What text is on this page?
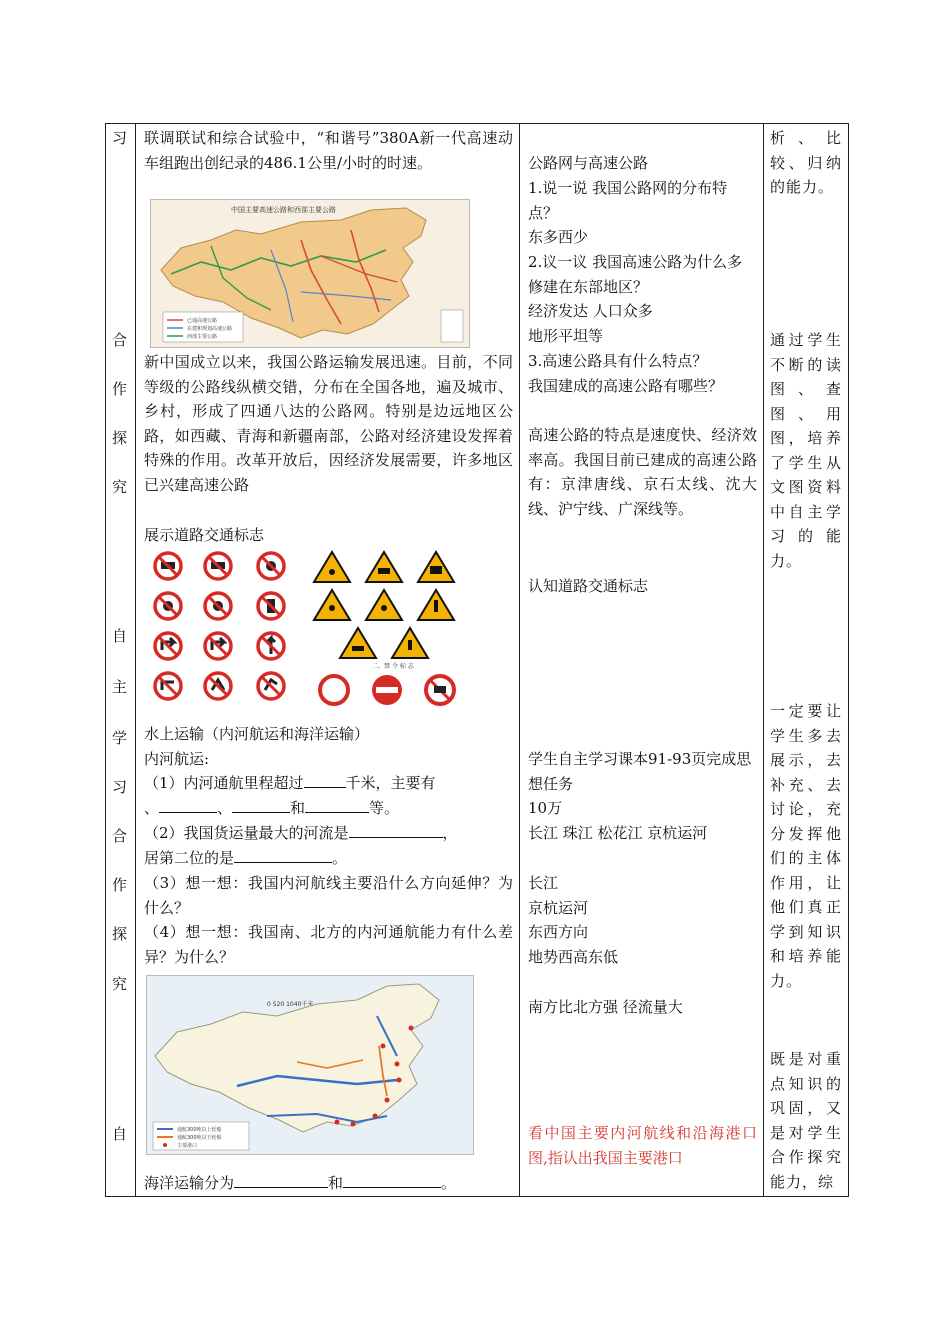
习
合
作
探
究
自
主
学
习
合
作
探
究
自

联调联试和综合试验中，“和谐号”380A新一代高速动车组跑出创纪录的486.1公里/小时的时速。
中国主要高速公路和西部主要公路
已通高速公路
在建和规划高速公路
西部主要公路
新中国成立以来，我国公路运输发展迅速。目前，不同等级的公路线纵横交错，分布在全国各地，遍及城市、乡村，形成了四通八达的公路网。特别是边远地区公路，如西藏、青海和新疆南部，公路对经济建设发挥着特殊的作用。改革开放后，因经济发展需要，许多地区已兴建高速公路
展示道路交通标志
二、禁 令 标 志
水上运输（内河航运和海洋运输）
内河航运:
（1）内河通航里程超过	千米，主要有
、	、	和	等。
（2）我国货运量最大的河流是	，
居第二位的是	。
（3）想一想：我国内河航线主要沿什么方向延伸？为什么？
（4）想一想：我国南、北方的内河通航能力有什么差异？为什么？
0 520 1040千米
通航300吨以上轮船
通航300吨以下轮船
主要港口
海洋运输分为	和	。

公路网与高速公路
1.说一说 我国公路网的分布特点？
东多西少
2.议一议 我国高速公路为什么多修建在东部地区？
经济发达 人口众多
地形平坦等
3.高速公路具有什么特点？
我国建成的高速公路有哪些？
高速公路的特点是速度快、经济效率高。我国目前已建成的高速公路有：京津唐线、京石太线、沈大线、沪宁线、广深线等。
认知道路交通标志
学生自主学习课本91-93页完成思想任务
10万
长江 珠江 松花江 京杭运河
长江
京杭运河
东西方向
地势西高东低
南方比北方强 径流量大
看中国主要内河航线和沿海港口图,指认出我国主要港口

析、比较、归纳的能力。
通过学生不断的读图、查图、用图，培养了学生从文图资料中自主学习的能力。
一定要让学生多去展示，去补充、去讨论，充分发挥他们的主体作用，让他们真正学到知识和培养能力。
既是对重点知识的巩固，又是对学生合作探究能力，综
